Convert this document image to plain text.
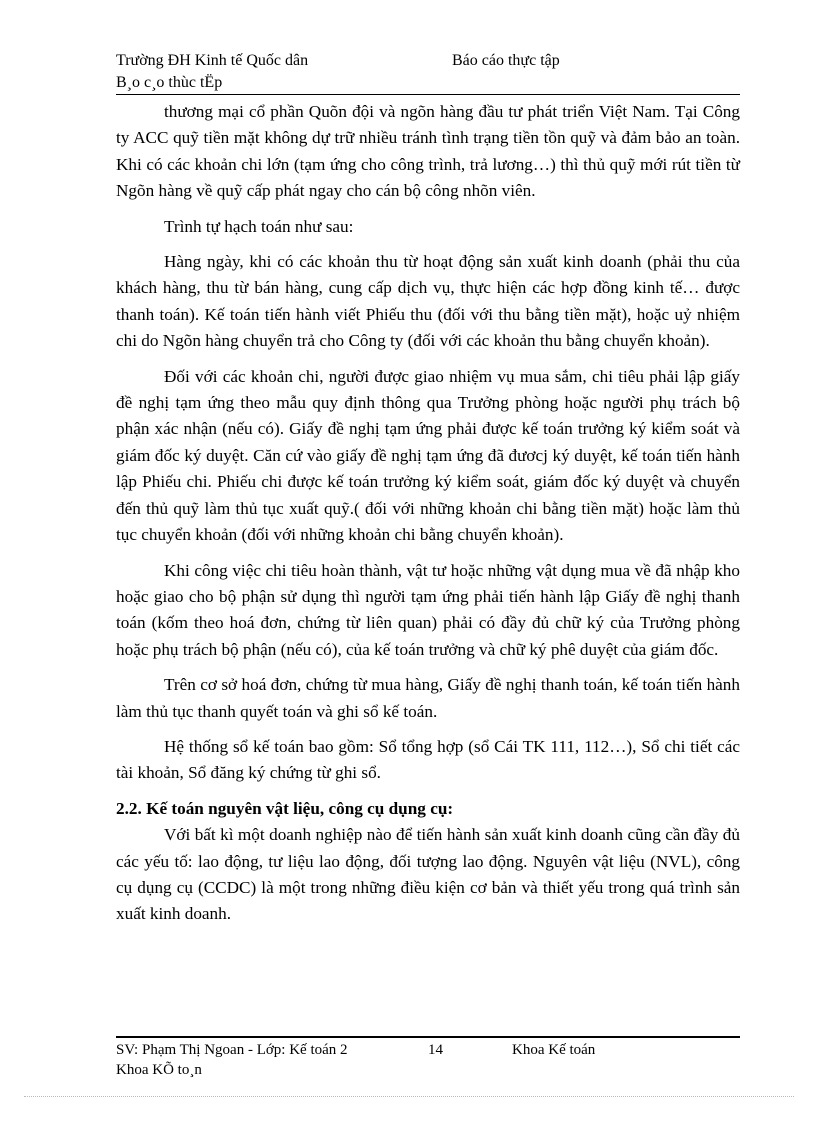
Trường ĐH Kinh tế Quốc dân	Báo cáo thực tập
B¸o c¸o thùc tËp

thương mại cổ phần Quõn đội và ngõn hàng đầu tư phát triển Việt Nam. Tại Công ty ACC quỹ tiền mặt không dự trữ nhiều tránh tình trạng tiền tồn quỹ và đảm bảo an toàn. Khi có các khoản chi lớn (tạm ứng cho công trình, trả lương…) thì thủ quỹ mới rút tiền từ Ngõn hàng về quỹ cấp phát ngay cho cán bộ công nhõn viên.

Trình tự hạch toán như sau:

Hàng ngày, khi có các khoản thu từ hoạt động sản xuất kinh doanh (phải thu của khách hàng, thu từ bán hàng, cung cấp dịch vụ, thực hiện các hợp đồng kinh tế… được thanh toán). Kế toán tiến hành viết Phiếu thu (đối với thu bằng tiền mặt), hoặc uỷ nhiệm chi do Ngõn hàng chuyển trả cho Công ty (đối với các khoản thu bằng chuyển khoản).

Đối với các khoản chi, người được giao nhiệm vụ mua sắm, chi tiêu phải lập giấy đề nghị tạm ứng theo mẫu quy định thông qua Trưởng phòng hoặc người phụ trách bộ phận xác nhận (nếu có). Giấy đề nghị tạm ứng phải được kế toán trưởng ký kiểm soát và giám đốc ký duyệt. Căn cứ vào giấy đề nghị tạm ứng đã đươcj ký duyệt, kế toán tiến hành lập Phiếu chi. Phiếu chi được kế toán trưởng ký kiểm soát, giám đốc ký duyệt và chuyển đến thủ quỹ làm thủ tục xuất quỹ.( đối với những khoản chi bằng tiền mặt) hoặc làm thủ tục chuyển khoản (đối với những khoản chi bằng chuyển khoản).

Khi công việc chi tiêu hoàn thành, vật tư hoặc những vật dụng mua về đã nhập kho hoặc giao cho bộ phận sử dụng thì người tạm ứng phải tiến hành lập Giấy đề nghị thanh toán (kốm theo hoá đơn, chứng từ liên quan) phải có đầy đủ chữ ký của Trưởng phòng hoặc phụ trách bộ phận (nếu có), của kế toán trưởng và chữ ký phê duyệt của giám đốc.

Trên cơ sở hoá đơn, chứng từ mua hàng, Giấy đề nghị thanh toán, kế toán tiến hành làm thủ tục thanh quyết toán và ghi sổ kế toán.

Hệ thống sổ kế toán bao gồm: Sổ tổng hợp (sổ Cái TK 111, 112…), Sổ chi tiết các tài khoản, Sổ đăng ký chứng từ ghi sổ.

2.2. Kế toán nguyên vật liệu, công cụ dụng cụ:

Với bất kì một doanh nghiệp nào để tiến hành sản xuất kinh doanh cũng cần đầy đủ các yếu tố: lao động, tư liệu lao động, đối tượng lao động. Nguyên vật liệu (NVL), công cụ dụng cụ (CCDC) là một trong những điều kiện cơ bản và thiết yếu trong quá trình sản xuất kinh doanh.

SV: Phạm Thị Ngoan - Lớp: Kế toán 2	14	Khoa Kế toán
Khoa KÕ to¸n
